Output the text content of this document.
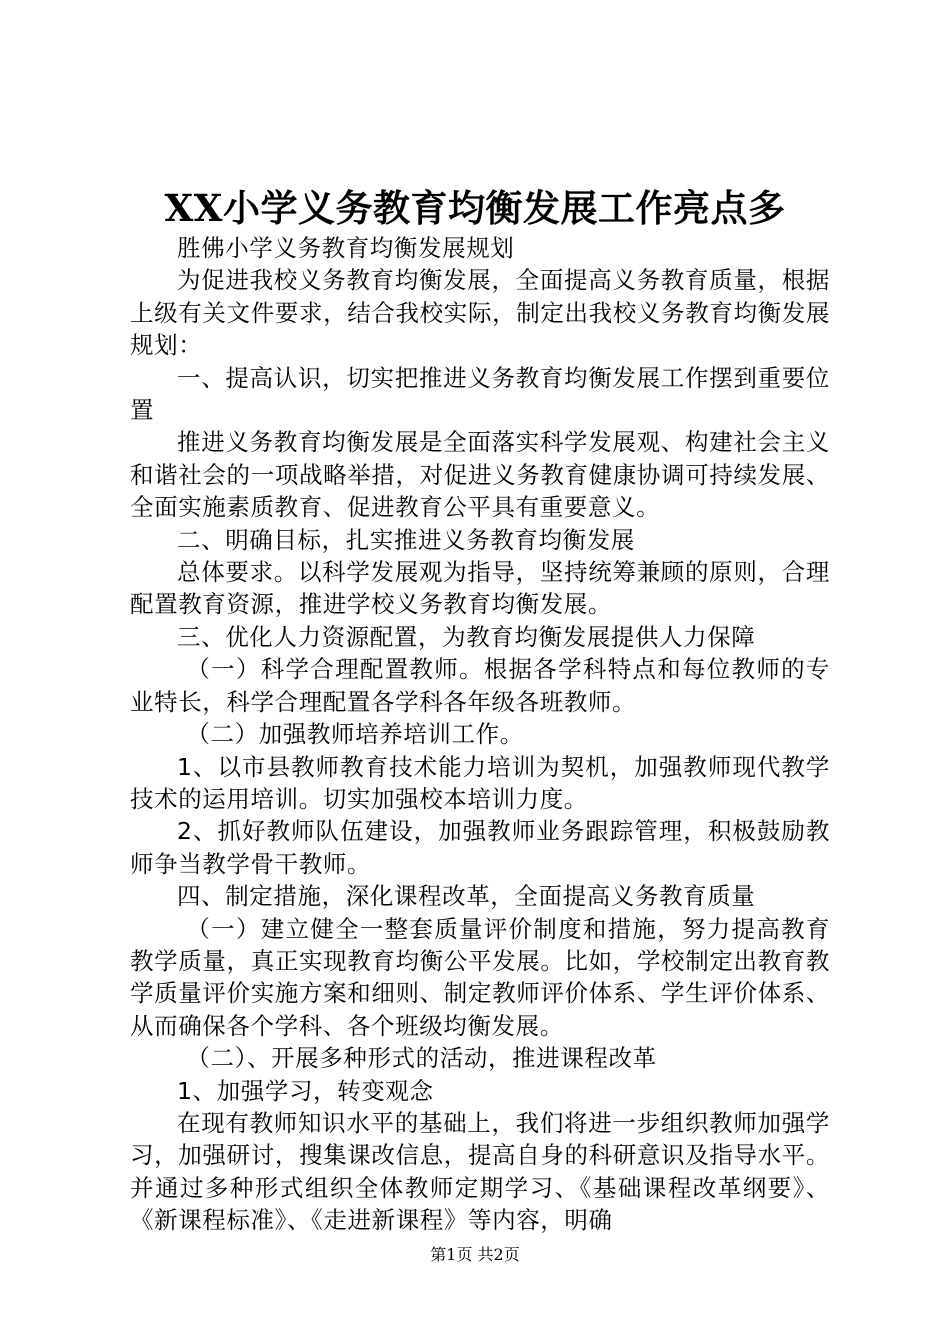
XX小学义务教育均衡发展工作亮点多

胜佛小学义务教育均衡发展规划

为促进我校义务教育均衡发展，全面提高义务教育质量，根据上级有关文件要求，结合我校实际，制定出我校义务教育均衡发展规划：

一、提高认识，切实把推进义务教育均衡发展工作摆到重要位置

推进义务教育均衡发展是全面落实科学发展观、构建社会主义和谐社会的一项战略举措，对促进义务教育健康协调可持续发展、全面实施素质教育、促进教育公平具有重要意义。

二、明确目标，扎实推进义务教育均衡发展

总体要求。以科学发展观为指导，坚持统筹兼顾的原则，合理配置教育资源，推进学校义务教育均衡发展。

三、优化人力资源配置，为教育均衡发展提供人力保障

（一）科学合理配置教师。根据各学科特点和每位教师的专业特长，科学合理配置各学科各年级各班教师。

（二）加强教师培养培训工作。

1、以市县教师教育技术能力培训为契机，加强教师现代教学技术的运用培训。切实加强校本培训力度。

2、抓好教师队伍建设，加强教师业务跟踪管理，积极鼓励教师争当教学骨干教师。

四、制定措施，深化课程改革，全面提高义务教育质量

（一）建立健全一整套质量评价制度和措施，努力提高教育教学质量，真正实现教育均衡公平发展。比如，学校制定出教育教学质量评价实施方案和细则、制定教师评价体系、学生评价体系、从而确保各个学科、各个班级均衡发展。

（二）、开展多种形式的活动，推进课程改革

1、加强学习，转变观念

在现有教师知识水平的基础上，我们将进一步组织教师加强学习，加强研讨，搜集课改信息，提高自身的科研意识及指导水平。并通过多种形式组织全体教师定期学习、《基础课程改革纲要》、《新课程标准》、《走进新课程》等内容，明确

第1页 共2页
